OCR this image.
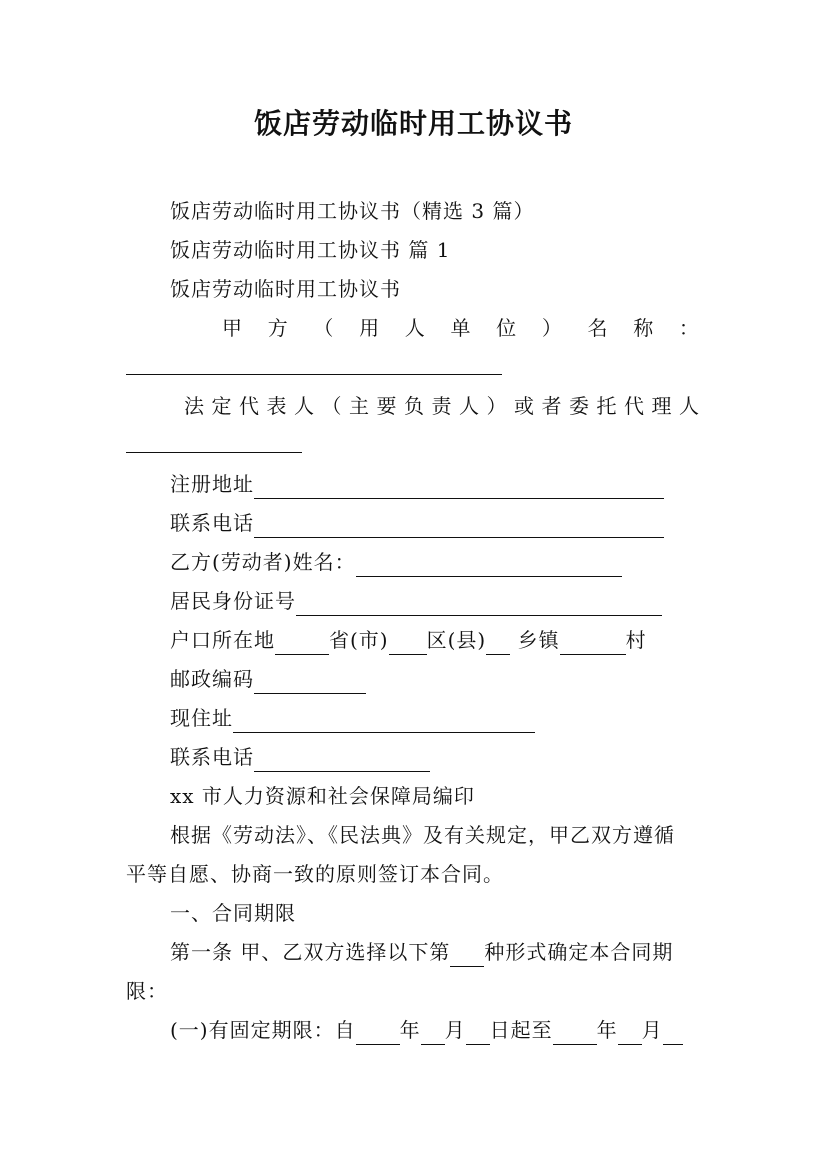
饭店劳动临时用工协议书
饭店劳动临时用工协议书（精选 3 篇）
饭店劳动临时用工协议书 篇 1
饭店劳动临时用工协议书
甲 方 （ 用 人 单 位 ） 名 称 ：
法 定 代 表 人 （ 主 要 负 责 人 ） 或 者 委 托 代 理 人
注册地址
联系电话
乙方(劳动者)姓名：
居民身份证号
户口所在地	省(市) 区(县) 乡镇	村
邮政编码
现住址
联系电话
xx 市人力资源和社会保障局编印
根据《劳动法》、《民法典》及有关规定，甲乙双方遵循
平等自愿、协商一致的原则签订本合同。
一、合同期限
第一条 甲、乙双方选择以下第 种形式确定本合同期
限：
(一)有固定期限：自 年 月 日起至 年 月
